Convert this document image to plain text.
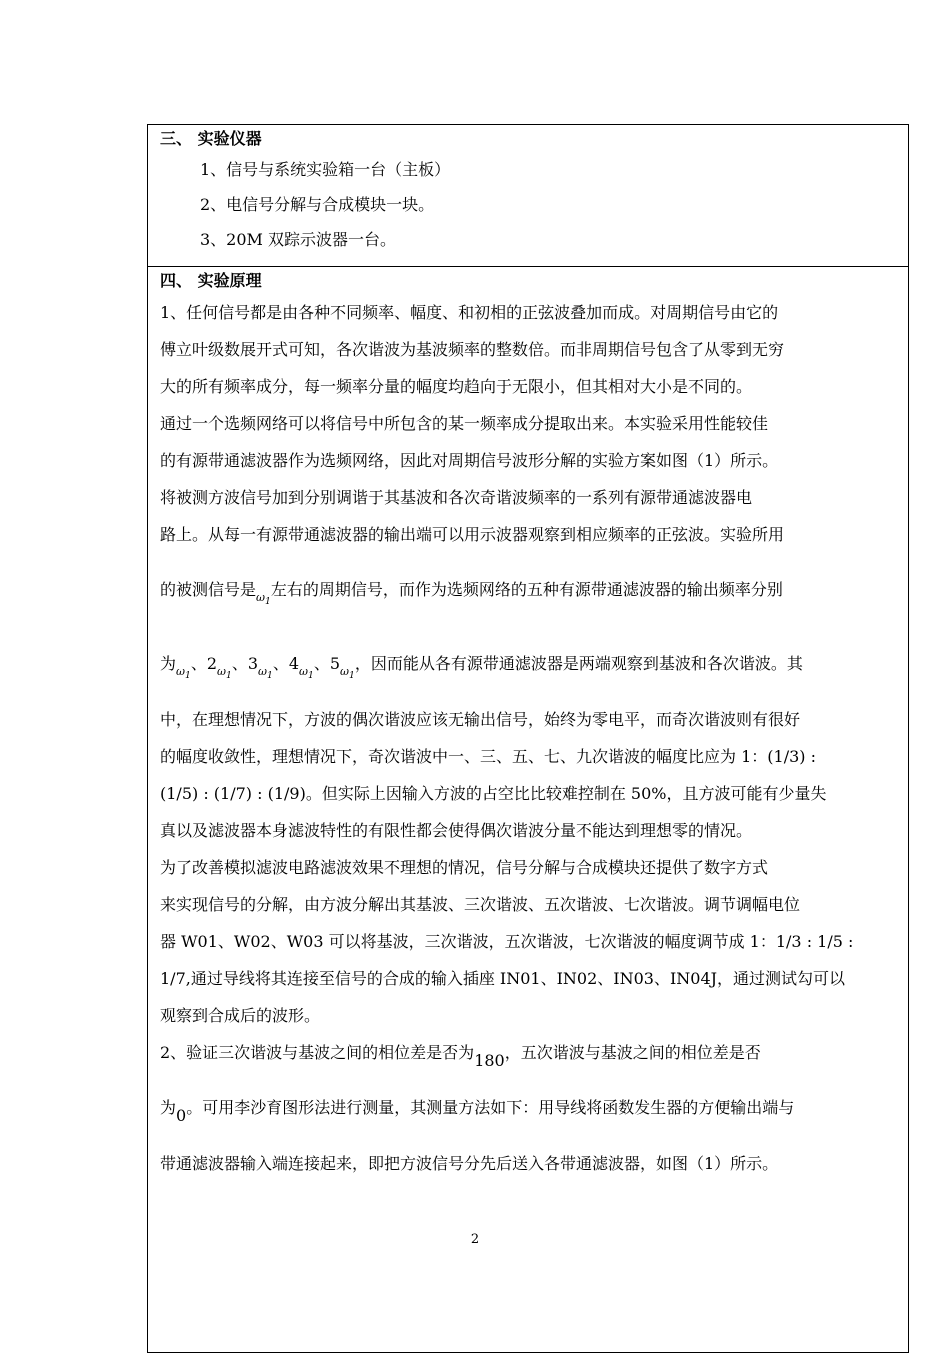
三、 实验仪器
1、信号与系统实验箱一台（主板）
2、电信号分解与合成模块一块。
3、20M 双踪示波器一台。
四、 实验原理
1、任何信号都是由各种不同频率、幅度、和初相的正弦波叠加而成。对周期信号由它的
傅立叶级数展开式可知，各次谐波为基波频率的整数倍。而非周期信号包含了从零到无穷
大的所有频率成分，每一频率分量的幅度均趋向于无限小，但其相对大小是不同的。
通过一个选频网络可以将信号中所包含的某一频率成分提取出来。本实验采用性能较佳
的有源带通滤波器作为选频网络，因此对周期信号波形分解的实验方案如图（1）所示。
将被测方波信号加到分别调谐于其基波和各次奇谐波频率的一系列有源带通滤波器电
路上。从每一有源带通滤波器的输出端可以用示波器观察到相应频率的正弦波。实验所用
的被测信号是$_{\omega_1}$左右的周期信号，而作为选频网络的五种有源带通滤波器的输出频率分别
为$_{\omega_1}$、$2_{\omega_1}$、$3_{\omega_1}$、$4_{\omega_1}$、$5_{\omega_1}$，因而能从各有源带通滤波器是两端观察到基波和各次谐波。其
中，在理想情况下，方波的偶次谐波应该无输出信号，始终为零电平，而奇次谐波则有很好
的幅度收敛性，理想情况下，奇次谐波中一、三、五、七、九次谐波的幅度比应为 1：(1/3) :
(1/5) : (1/7) : (1/9)。但实际上因输入方波的占空比比较难控制在 50%，且方波可能有少量失
真以及滤波器本身滤波特性的有限性都会使得偶次谐波分量不能达到理想零的情况。
为了改善模拟滤波电路滤波效果不理想的情况，信号分解与合成模块还提供了数字方式
来实现信号的分解，由方波分解出其基波、三次谐波、五次谐波、七次谐波。调节调幅电位
器 W01、W02、W03 可以将基波，三次谐波，五次谐波，七次谐波的幅度调节成 1：1/3 : 1/5 :
1/7,通过导线将其连接至信号的合成的输入插座 IN01、IN02、IN03、IN04J，通过测试勾可以
观察到合成后的波形。
2、验证三次谐波与基波之间的相位差是否为180，五次谐波与基波之间的相位差是否
为0。可用李沙育图形法进行测量，其测量方法如下：用导线将函数发生器的方便输出端与
带通滤波器输入端连接起来，即把方波信号分先后送入各带通滤波器，如图（1）所示。
2
